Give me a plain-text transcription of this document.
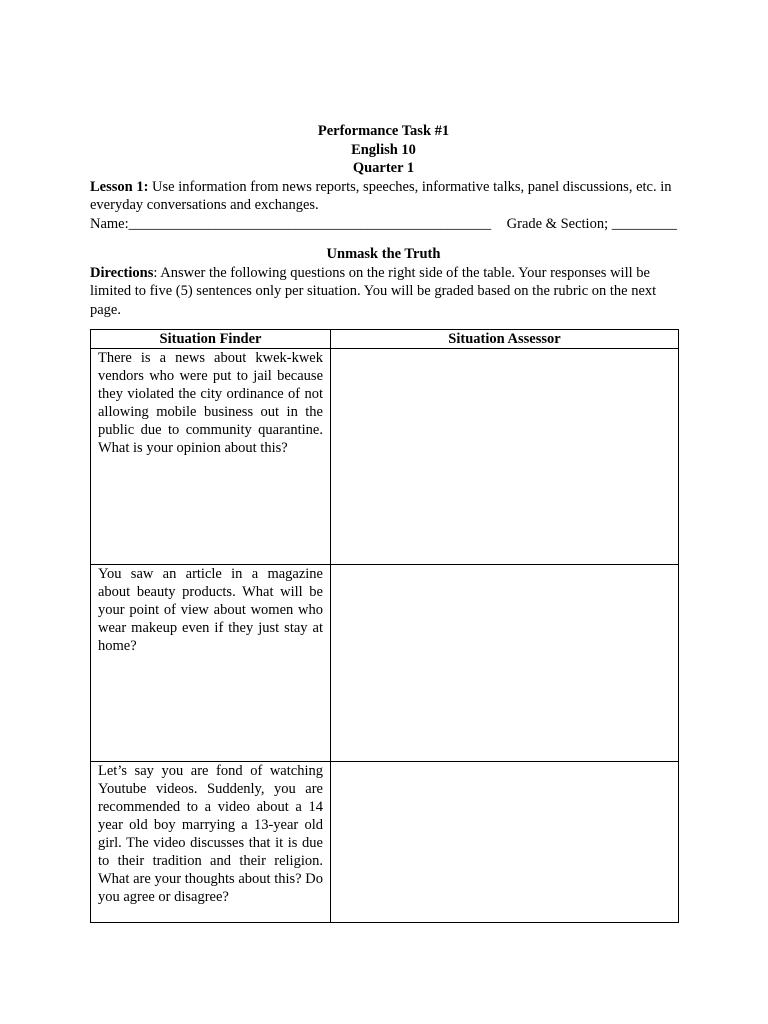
Performance Task #1
English 10
Quarter 1

Lesson 1: Use information from news reports, speeches, informative talks, panel discussions, etc. in everyday conversations and exchanges.

Name:__________________________________________________ Grade & Section; _________
Unmask the Truth

Directions: Answer the following questions on the right side of the table. Your responses will be limited to five (5) sentences only per situation. You will be graded based on the rubric on the next page.

Situation Finder	Situation Assessor
There is a news about kwek-kwek vendors who were put to jail because they violated the city ordinance of not allowing mobile business out in the public due to community quarantine. What is your opinion about this?	
You saw an article in a magazine about beauty products. What will be your point of view about women who wear makeup even if they just stay at home?	
Let’s say you are fond of watching Youtube videos. Suddenly, you are recommended to a video about a 14 year old boy marrying a 13-year old girl. The video discusses that it is due to their tradition and their religion. What are your thoughts about this? Do you agree or disagree?	
